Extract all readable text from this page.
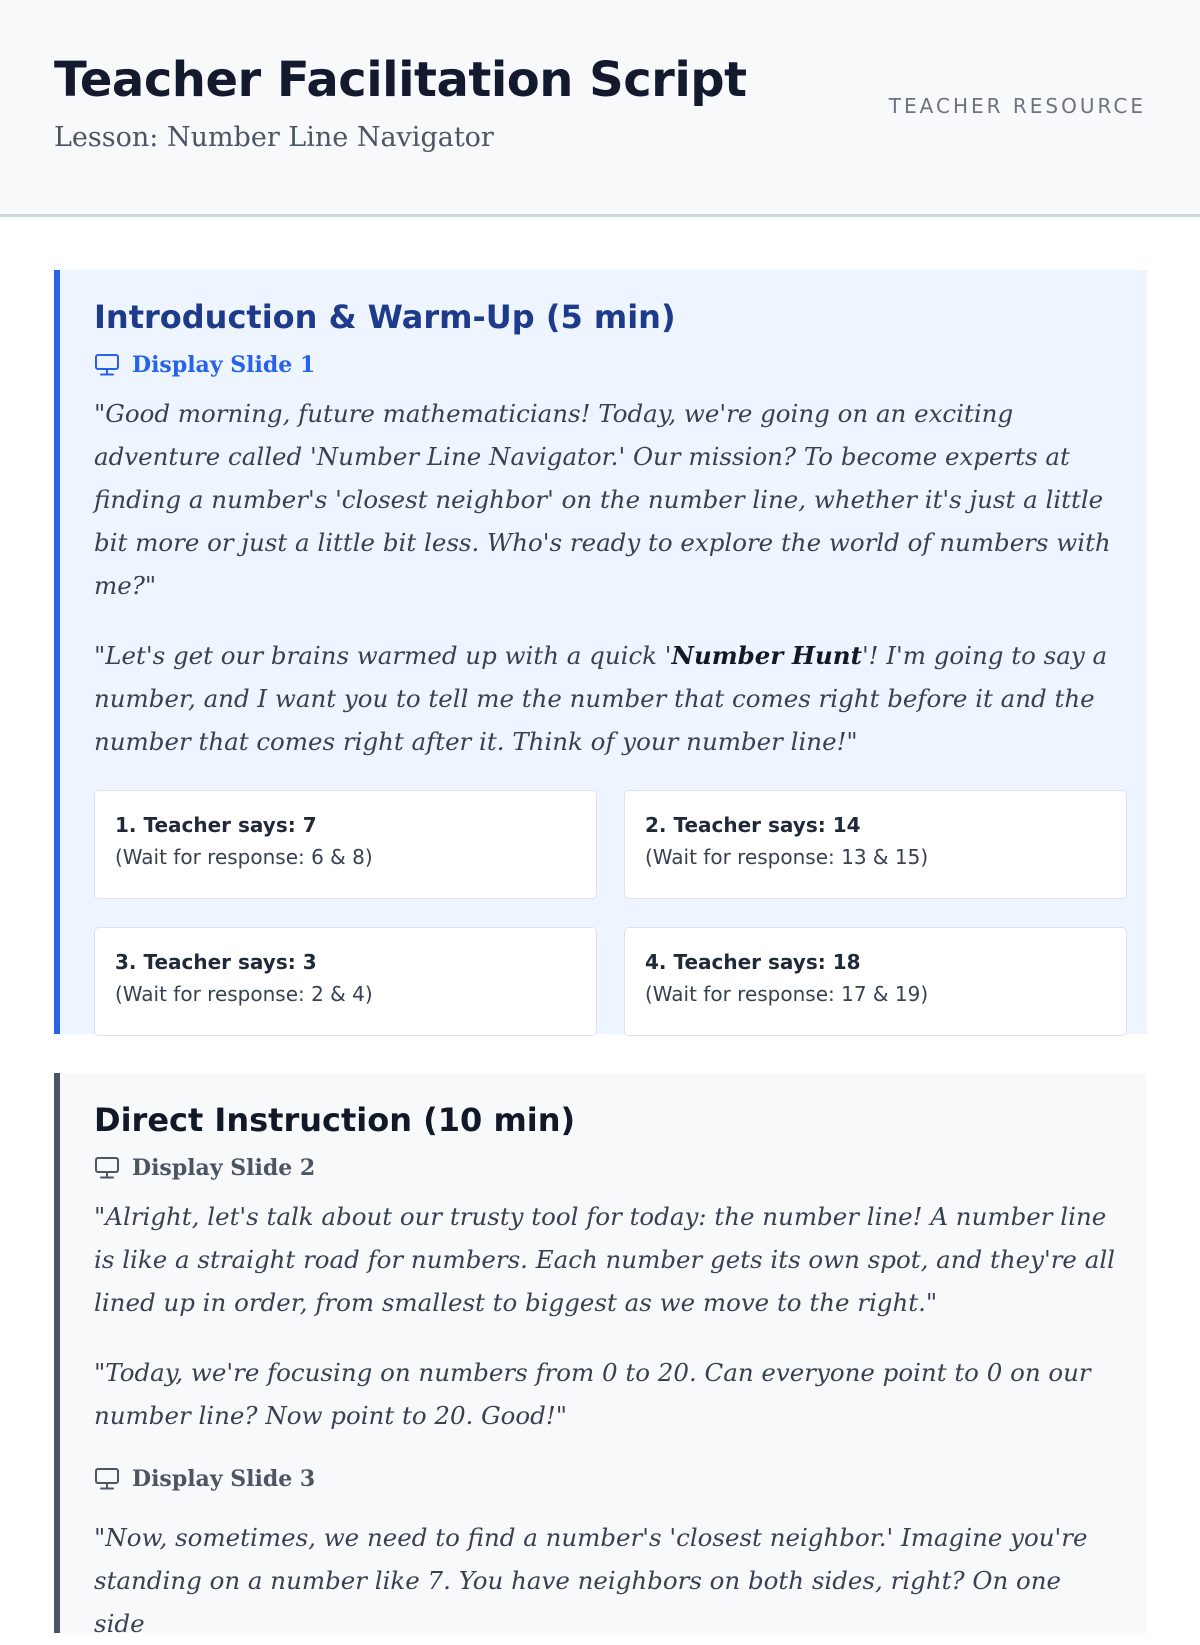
Teacher Facilitation Script
Lesson: Number Line Navigator
TEACHER RESOURCE
Introduction & Warm-Up (5 min)
Display Slide 1

"Good morning, future mathematicians! Today, we're going on an exciting adventure called 'Number Line Navigator.' Our mission? To become experts at finding a number's 'closest neighbor' on the number line, whether it's just a little bit more or just a little bit less. Who's ready to explore the world of numbers with me?"

"Let's get our brains warmed up with a quick 'Number Hunt'! I'm going to say a number, and I want you to tell me the number that comes right before it and the number that comes right after it. Think of your number line!"

1. Teacher says: 7
(Wait for response: 6 & 8)
2. Teacher says: 14
(Wait for response: 13 & 15)
3. Teacher says: 3
(Wait for response: 2 & 4)
4. Teacher says: 18
(Wait for response: 17 & 19)
Direct Instruction (10 min)
Display Slide 2

"Alright, let's talk about our trusty tool for today: the number line! A number line is like a straight road for numbers. Each number gets its own spot, and they're all lined up in order, from smallest to biggest as we move to the right."

"Today, we're focusing on numbers from 0 to 20. Can everyone point to 0 on our number line? Now point to 20. Good!"

Display Slide 3

"Now, sometimes, we need to find a number's 'closest neighbor.' Imagine you're standing on a number like 7. You have neighbors on both sides, right? On one side
